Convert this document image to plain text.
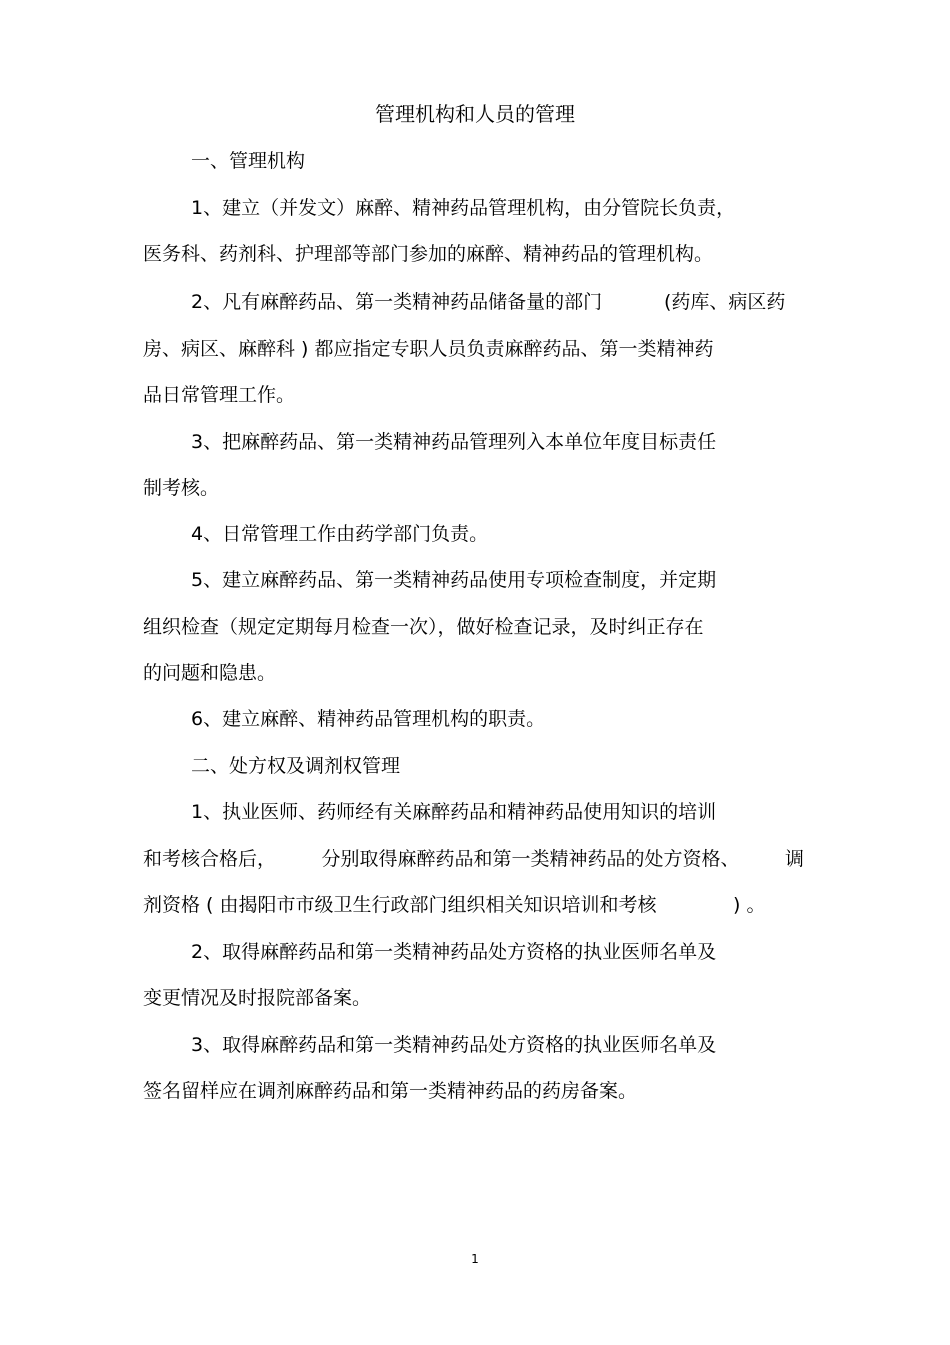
管理机构和人员的管理
一、管理机构
1、建立（并发文）麻醉、精神药品管理机构，由分管院长负责，
医务科、药剂科、护理部等部门参加的麻醉、精神药品的管理机构。
2、凡有麻醉药品、第一类精神药品储备量的部门	(药库、病区药
房、病区、麻醉科 ) 都应指定专职人员负责麻醉药品、第一类精神药
品日常管理工作。
3、把麻醉药品、第一类精神药品管理列入本单位年度目标责任
制考核。
4、日常管理工作由药学部门负责。
5、建立麻醉药品、第一类精神药品使用专项检查制度，并定期
组织检查（规定定期每月检查一次），做好检查记录，及时纠正存在
的问题和隐患。
6、建立麻醉、精神药品管理机构的职责。
二、处方权及调剂权管理
1、执业医师、药师经有关麻醉药品和精神药品使用知识的培训
和考核合格后， 分别取得麻醉药品和第一类精神药品的处方资格、 调
剂资格 ( 由揭阳市市级卫生行政部门组织相关知识培训和考核	) 。
2、取得麻醉药品和第一类精神药品处方资格的执业医师名单及
变更情况及时报院部备案。
3、取得麻醉药品和第一类精神药品处方资格的执业医师名单及
签名留样应在调剂麻醉药品和第一类精神药品的药房备案。
1
